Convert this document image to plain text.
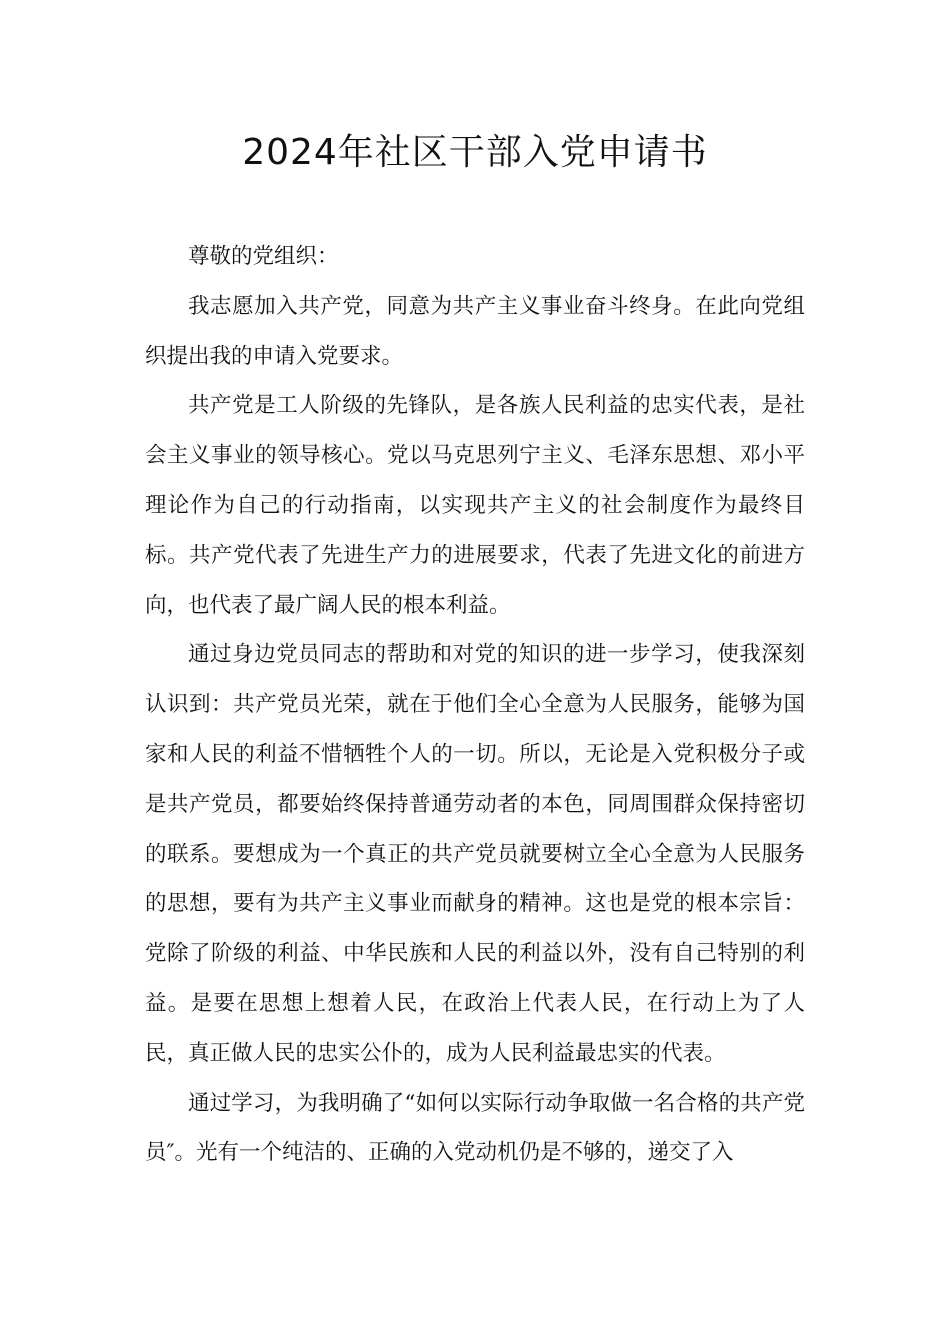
2024年社区干部入党申请书

尊敬的党组织：

我志愿加入共产党，同意为共产主义事业奋斗终身。在此向党组织提出我的申请入党要求。

共产党是工人阶级的先锋队，是各族人民利益的忠实代表，是社会主义事业的领导核心。党以马克思列宁主义、毛泽东思想、邓小平理论作为自己的行动指南，以实现共产主义的社会制度作为最终目标。共产党代表了先进生产力的进展要求，代表了先进文化的前进方向，也代表了最广阔人民的根本利益。

通过身边党员同志的帮助和对党的知识的进一步学习，使我深刻认识到：共产党员光荣，就在于他们全心全意为人民服务，能够为国家和人民的利益不惜牺牲个人的一切。所以，无论是入党积极分子或是共产党员，都要始终保持普通劳动者的本色，同周围群众保持密切的联系。要想成为一个真正的共产党员就要树立全心全意为人民服务的思想，要有为共产主义事业而献身的精神。这也是党的根本宗旨：党除了阶级的利益、中华民族和人民的利益以外，没有自己特别的利益。是要在思想上想着人民，在政治上代表人民，在行动上为了人民，真正做人民的忠实公仆的，成为人民利益最忠实的代表。

通过学习，为我明确了“如何以实际行动争取做一名合格的共产党员″。光有一个纯洁的、正确的入党动机仍是不够的，递交了入
